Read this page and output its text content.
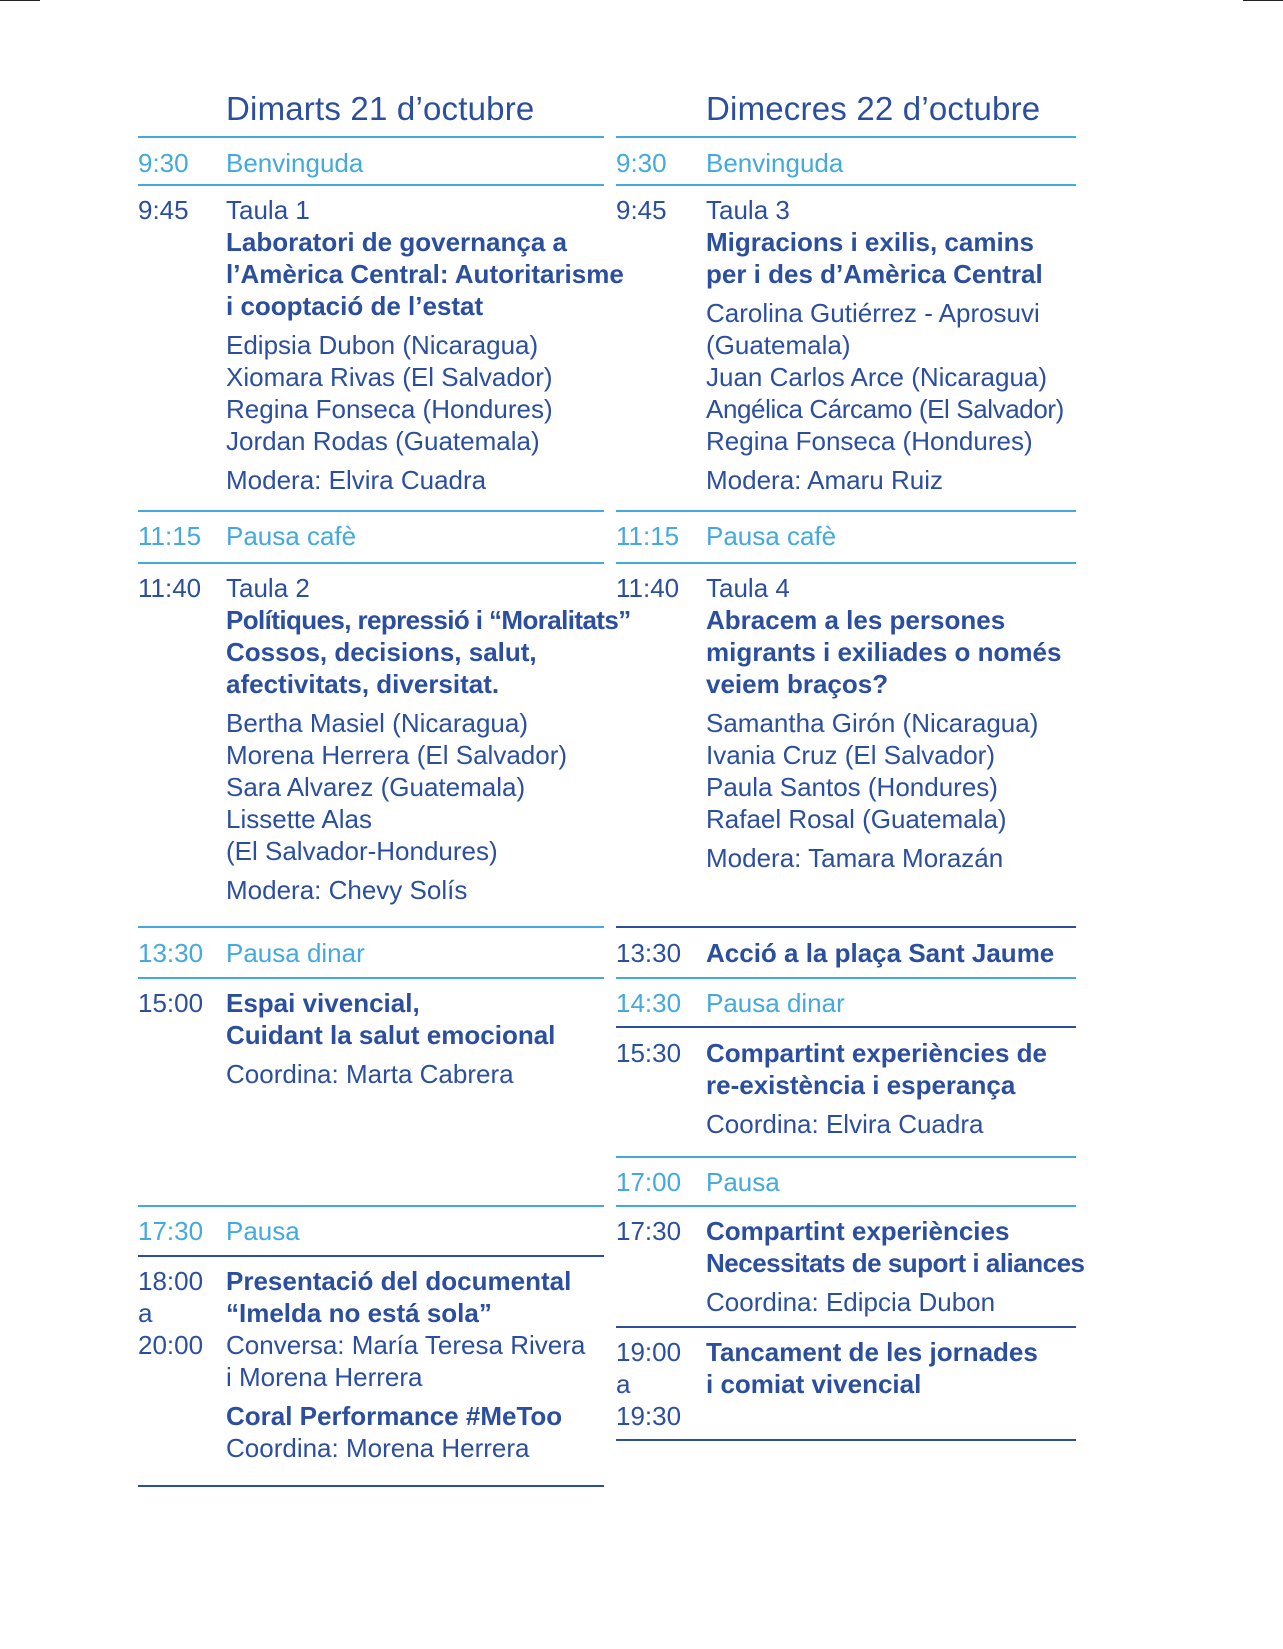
Dimarts 21 d’octubre
9:30 Benvinguda
9:45 Taula 1
Laboratori de governança a
l’Amèrica Central: Autoritarisme
i cooptació de l’estat
Edipsia Dubon (Nicaragua)
Xiomara Rivas (El Salvador)
Regina Fonseca (Hondures)
Jordan Rodas (Guatemala)
Modera: Elvira Cuadra
11:15 Pausa cafè
11:40 Taula 2
Polítiques, repressió i “Moralitats”
Cossos, decisions, salut,
afectivitats, diversitat.
Bertha Masiel (Nicaragua)
Morena Herrera (El Salvador)
Sara Alvarez (Guatemala)
Lissette Alas
(El Salvador-Hondures)
Modera: Chevy Solís
13:30 Pausa dinar
15:00 Espai vivencial,
Cuidant la salut emocional
Coordina: Marta Cabrera
17:30 Pausa
18:00
a
20:00
Presentació del documental
“Imelda no está sola”
Conversa: María Teresa Rivera
i Morena Herrera
Coral Performance #MeToo
Coordina: Morena Herrera
Dimecres 22 d’octubre
9:30 Benvinguda
9:45 Taula 3
Migracions i exilis, camins
per i des d’Amèrica Central
Carolina Gutiérrez - Aprosuvi
(Guatemala)
Juan Carlos Arce (Nicaragua)
Angélica Cárcamo (El Salvador)
Regina Fonseca (Hondures)
Modera: Amaru Ruiz
11:15 Pausa cafè
11:40 Taula 4
Abracem a les persones
migrants i exiliades o només
veiem braços?
Samantha Girón (Nicaragua)
Ivania Cruz (El Salvador)
Paula Santos (Hondures)
Rafael Rosal (Guatemala)
Modera: Tamara Morazán
13:30 Acció a la plaça Sant Jaume
14:30 Pausa dinar
15:30 Compartint experiències de
re-existència i esperança
Coordina: Elvira Cuadra
17:00 Pausa
17:30 Compartint experiències
Necessitats de suport i aliances
Coordina: Edipcia Dubon
19:00
a
19:30
Tancament de les jornades
i comiat vivencial
